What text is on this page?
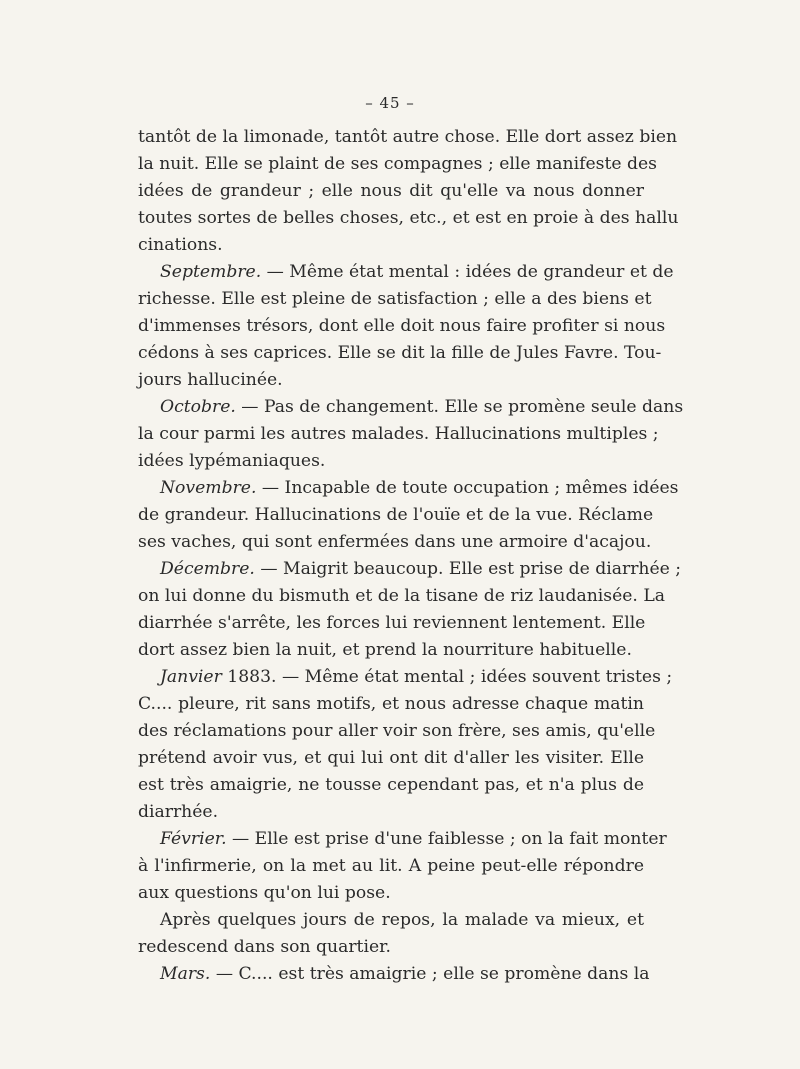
– 45 –
tantôt de la limonade, tantôt autre chose. Elle dort assez bien
la nuit. Elle se plaint de ses compagnes ; elle manifeste des
idées de grandeur ; elle nous dit qu'elle va nous donner
toutes sortes de belles choses, etc., et est en proie à des hallu
cinations.
Septembre. — Même état mental : idées de grandeur et de
richesse. Elle est pleine de satisfaction ; elle a des biens et
d'immenses trésors, dont elle doit nous faire profiter si nous
cédons à ses caprices. Elle se dit la fille de Jules Favre. Tou-
jours hallucinée.
Octobre. — Pas de changement. Elle se promène seule dans
la cour parmi les autres malades. Hallucinations multiples ;
idées lypémaniaques.
Novembre. — Incapable de toute occupation ; mêmes idées
de grandeur. Hallucinations de l'ouïe et de la vue. Réclame
ses vaches, qui sont enfermées dans une armoire d'acajou.
Décembre. — Maigrit beaucoup. Elle est prise de diarrhée ;
on lui donne du bismuth et de la tisane de riz laudanisée. La
diarrhée s'arrête, les forces lui reviennent lentement. Elle
dort assez bien la nuit, et prend la nourriture habituelle.
Janvier 1883. — Même état mental ; idées souvent tristes ;
C.... pleure, rit sans motifs, et nous adresse chaque matin
des réclamations pour aller voir son frère, ses amis, qu'elle
prétend avoir vus, et qui lui ont dit d'aller les visiter. Elle
est très amaigrie, ne tousse cependant pas, et n'a plus de
diarrhée.
Février. — Elle est prise d'une faiblesse ; on la fait monter
à l'infirmerie, on la met au lit. A peine peut-elle répondre
aux questions qu'on lui pose.
Après quelques jours de repos, la malade va mieux, et
redescend dans son quartier.
Mars. — C.... est très amaigrie ; elle se promène dans la
